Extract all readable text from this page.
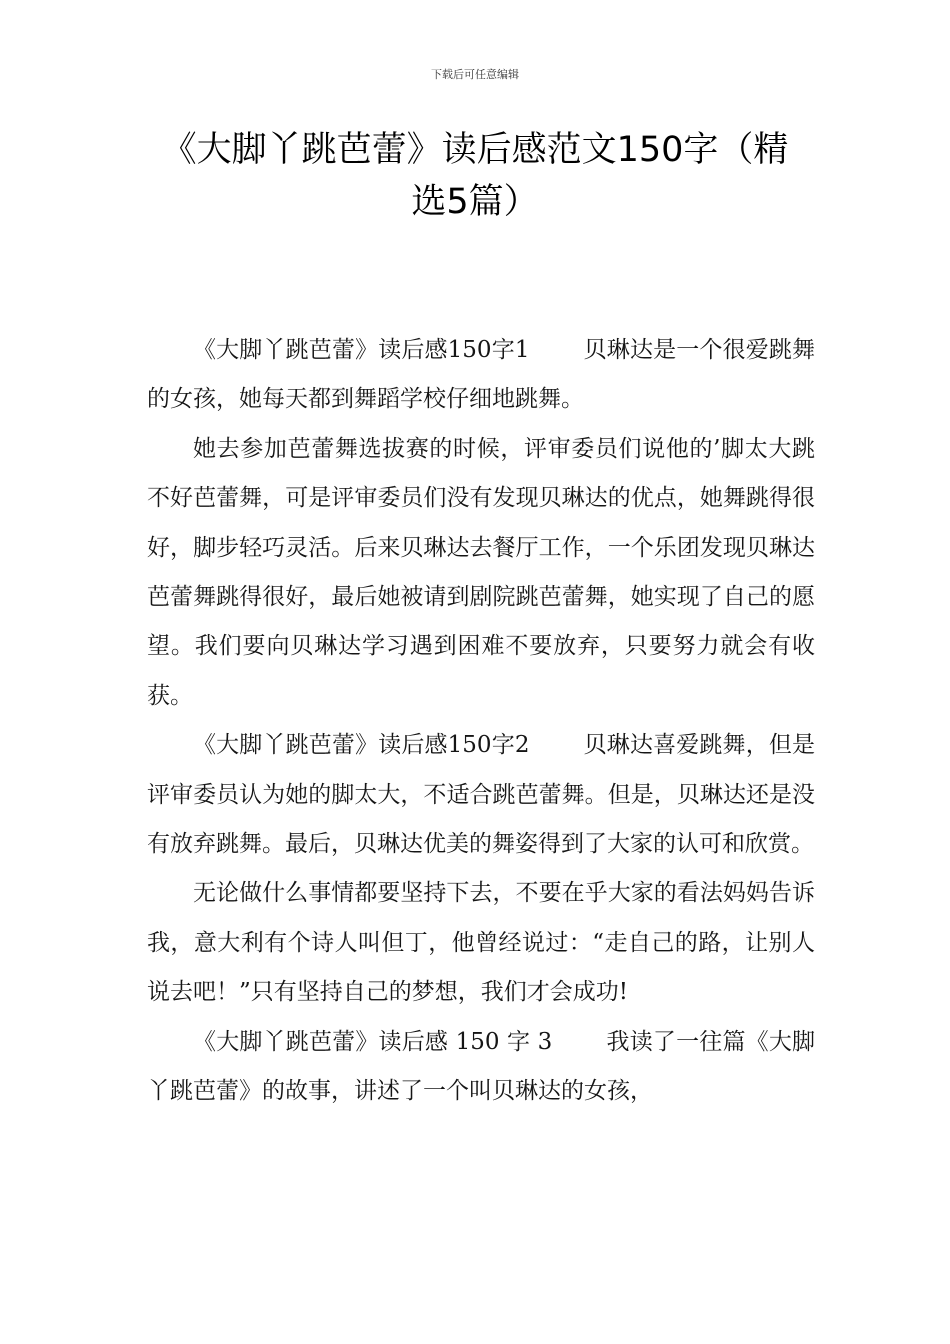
下载后可任意编辑
《大脚丫跳芭蕾》读后感范文150字（精
选5篇）

《大脚丫跳芭蕾》读后感150字1 贝琳达是一个很爱跳舞的女孩，她每天都到舞蹈学校仔细地跳舞。

她去参加芭蕾舞选拔赛的时候，评审委员们说他的’脚太大跳不好芭蕾舞，可是评审委员们没有发现贝琳达的优点，她舞跳得很好，脚步轻巧灵活。后来贝琳达去餐厅工作，一个乐团发现贝琳达芭蕾舞跳得很好，最后她被请到剧院跳芭蕾舞，她实现了自己的愿望。我们要向贝琳达学习遇到困难不要放弃，只要努力就会有收获。

《大脚丫跳芭蕾》读后感150字2 贝琳达喜爱跳舞，但是评审委员认为她的脚太大，不适合跳芭蕾舞。但是，贝琳达还是没有放弃跳舞。最后，贝琳达优美的舞姿得到了大家的认可和欣赏。

无论做什么事情都要坚持下去，不要在乎大家的看法妈妈告诉我，意大利有个诗人叫但丁，他曾经说过：“走自己的路，让别人说去吧！”只有坚持自己的梦想，我们才会成功!

《大脚丫跳芭蕾》读后感 150 字 3 我读了一往篇《大脚丫跳芭蕾》的故事，讲述了一个叫贝琳达的女孩，
